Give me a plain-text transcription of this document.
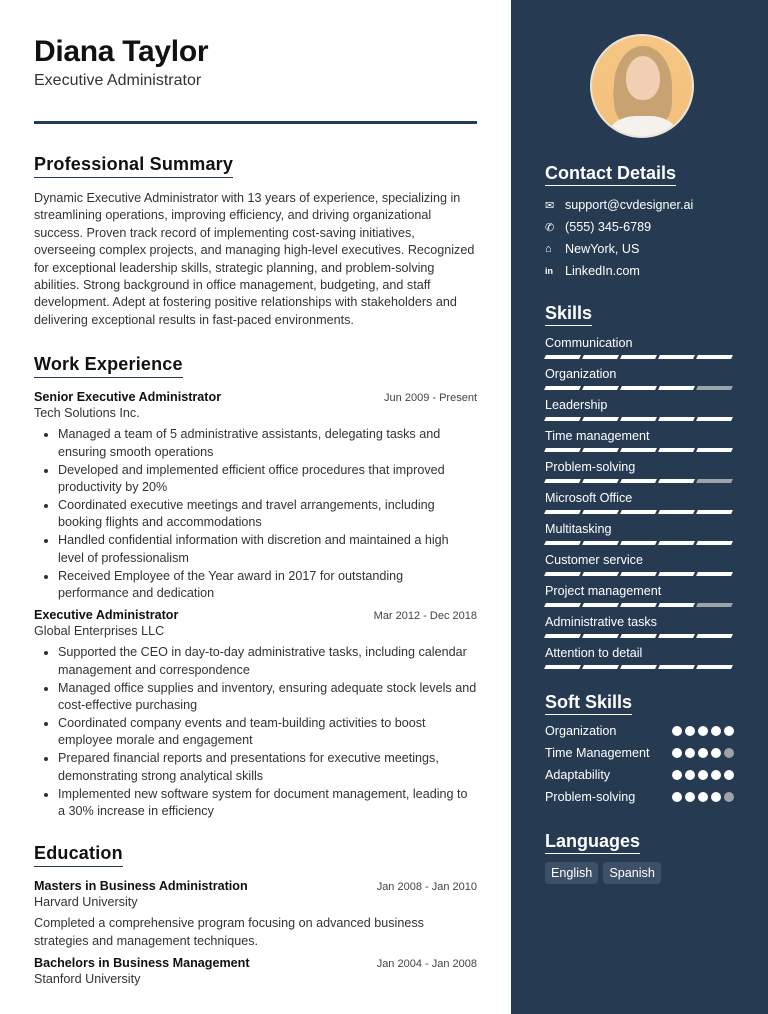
Diana Taylor
Executive Administrator
Professional Summary

Dynamic Executive Administrator with 13 years of experience, specializing in streamlining operations, improving efficiency, and driving organizational success. Proven track record of implementing cost-saving initiatives, overseeing complex projects, and managing high-level executives. Recognized for exceptional leadership skills, strategic planning, and problem-solving abilities. Strong background in office management, budgeting, and staff development. Adept at fostering positive relationships with stakeholders and delivering exceptional results in fast-paced environments.

Work Experience
Senior Executive Administrator	Jun 2009 - Present
Tech Solutions Inc.
• Managed a team of 5 administrative assistants, delegating tasks and ensuring smooth operations
• Developed and implemented efficient office procedures that improved productivity by 20%
• Coordinated executive meetings and travel arrangements, including booking flights and accommodations
• Handled confidential information with discretion and maintained a high level of professionalism
• Received Employee of the Year award in 2017 for outstanding performance and dedication
Executive Administrator	Mar 2012 - Dec 2018
Global Enterprises LLC
• Supported the CEO in day-to-day administrative tasks, including calendar management and correspondence
• Managed office supplies and inventory, ensuring adequate stock levels and cost-effective purchasing
• Coordinated company events and team-building activities to boost employee morale and engagement
• Prepared financial reports and presentations for executive meetings, demonstrating strong analytical skills
• Implemented new software system for document management, leading to a 30% increase in efficiency
Education
Masters in Business Administration	Jan 2008 - Jan 2010
Harvard University

Completed a comprehensive program focusing on advanced business strategies and management techniques.

Bachelors in Business Management	Jan 2004 - Jan 2008
Stanford University
Contact Details
✉ support@cvdesigner.ai
✆ (555) 345-6789
⌂	NewYork, US
in LinkedIn.com
Skills
Communication
Organization
Leadership
Time management
Problem-solving
Microsoft Office
Multitasking
Customer service
Project management
Administrative tasks
Attention to detail
Soft Skills
Organization
Time Management
Adaptability
Problem-solving
Languages
English	Spanish
